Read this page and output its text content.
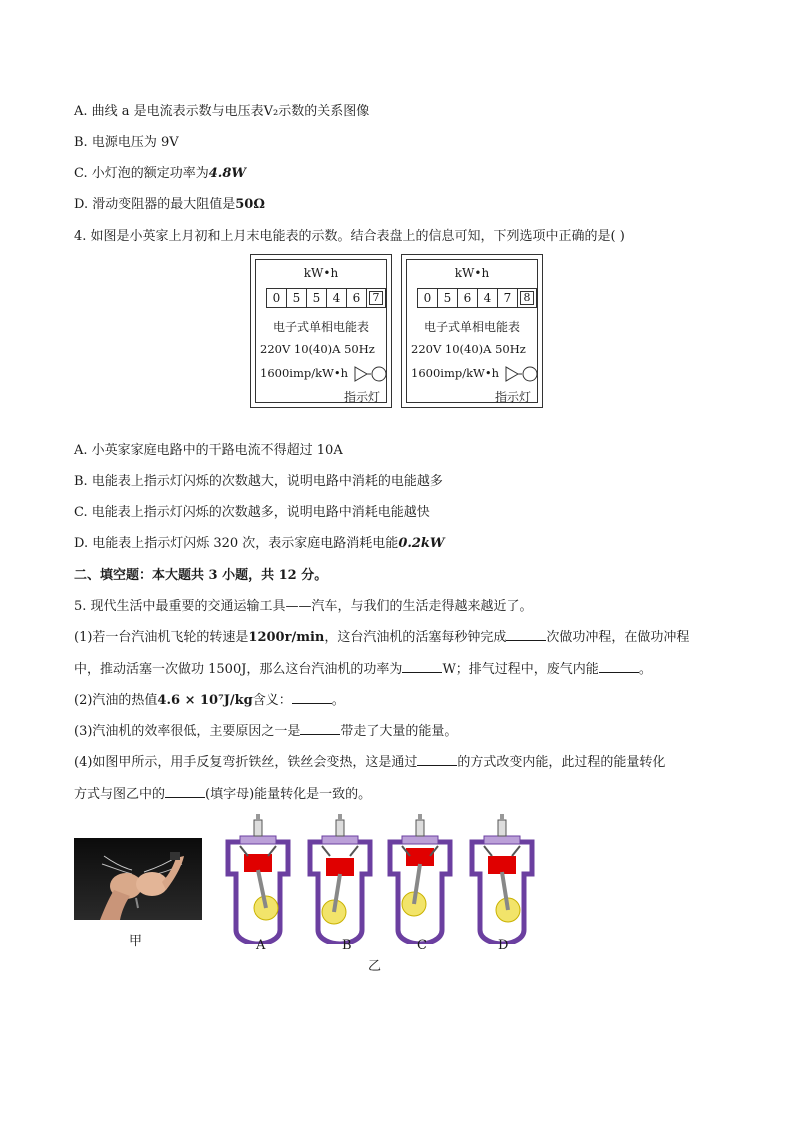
A. 曲线 a 是电流表示数与电压表V₂示数的关系图像
B. 电源电压为 9V
C. 小灯泡的额定功率为4.8W
D. 滑动变阻器的最大阻值是50Ω
4. 如图是小英家上月初和上月末电能表的示数。结合表盘上的信息可知，下列选项中正确的是( )
kW•h
0	5	5	4	6	7
电子式单相电能表
220V 10(40)A 50Hz
1600imp/kW•h
指示灯
kW•h
0	5	6	4	7	8
电子式单相电能表
220V 10(40)A 50Hz
1600imp/kW•h
指示灯
A. 小英家家庭电路中的干路电流不得超过 10A
B. 电能表上指示灯闪烁的次数越大，说明电路中消耗的电能越多
C. 电能表上指示灯闪烁的次数越多，说明电路中消耗电能越快
D. 电能表上指示灯闪烁 320 次，表示家庭电路消耗电能0.2kW
二、填空题：本大题共 3 小题，共 12 分。
5. 现代生活中最重要的交通运输工具——汽车，与我们的生活走得越来越近了。
(1)若一台汽油机飞轮的转速是1200r/min，这台汽油机的活塞每秒钟完成	次做功冲程，在做功冲程
中，推动活塞一次做功 1500J，那么这台汽油机的功率为	W；排气过程中，废气内能	。
(2)汽油的热值4.6 × 10⁷J/kg含义：	。
(3)汽油机的效率很低，主要原因之一是	带走了大量的能量。
(4)如图甲所示，用手反复弯折铁丝，铁丝会变热，这是通过	的方式改变内能，此过程的能量转化
方式与图乙中的	(填字母)能量转化是一致的。
甲	A	B	C	D
乙
